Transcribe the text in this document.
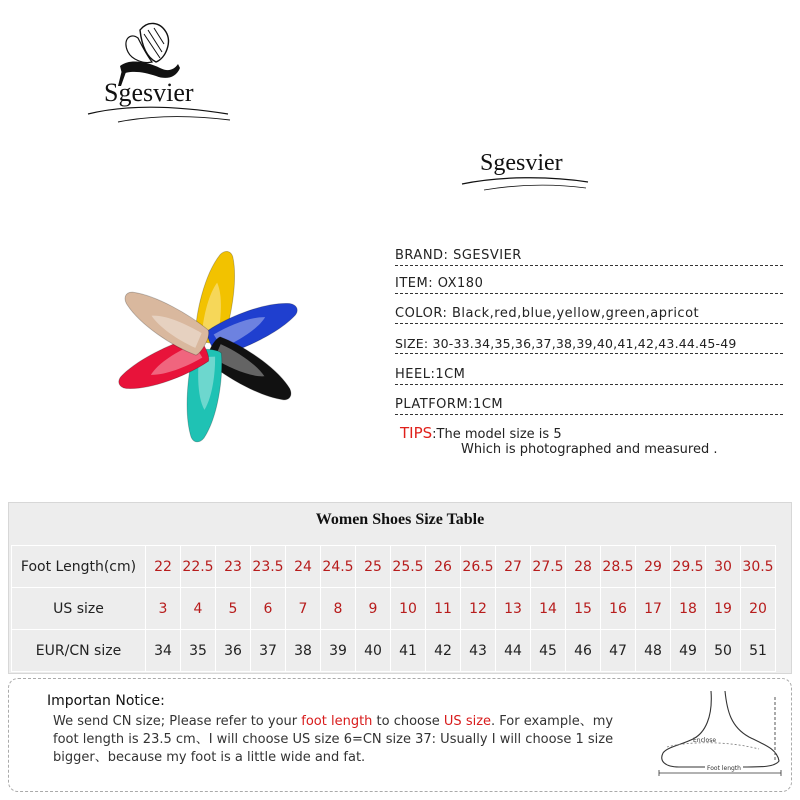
Sgesvier
Sgesvier
BRAND: SGESVIER
ITEM: OX180
COLOR: Black,red,blue,yellow,green,apricot
SIZE: 30-33.34,35,36,37,38,39,40,41,42,43.44.45-49
HEEL:1CM
PLATFORM:1CM
TIPS:The model size is 5
Which is photographed and measured .
Women Shoes Size Table
Foot Length(cm)	22	22.5	23	23.5	24	24.5	25	25.5	26	26.5	27	27.5	28	28.5	29	29.5	30	30.5
US size	3	4	5	6	7	8	9	10	11	12	13	14	15	16	17	18	19	20
EUR/CN size	34	35	36	37	38	39	40	41	42	43	44	45	46	47	48	49	50	51
Importan Notice:
We send CN size; Please refer to your foot length to choose US size. For example、my foot length is 23.5 cm、I will choose US size 6=CN size 37: Usually I will choose 1 size bigger、because my foot is a little wide and fat.
Enclose
Foot length
